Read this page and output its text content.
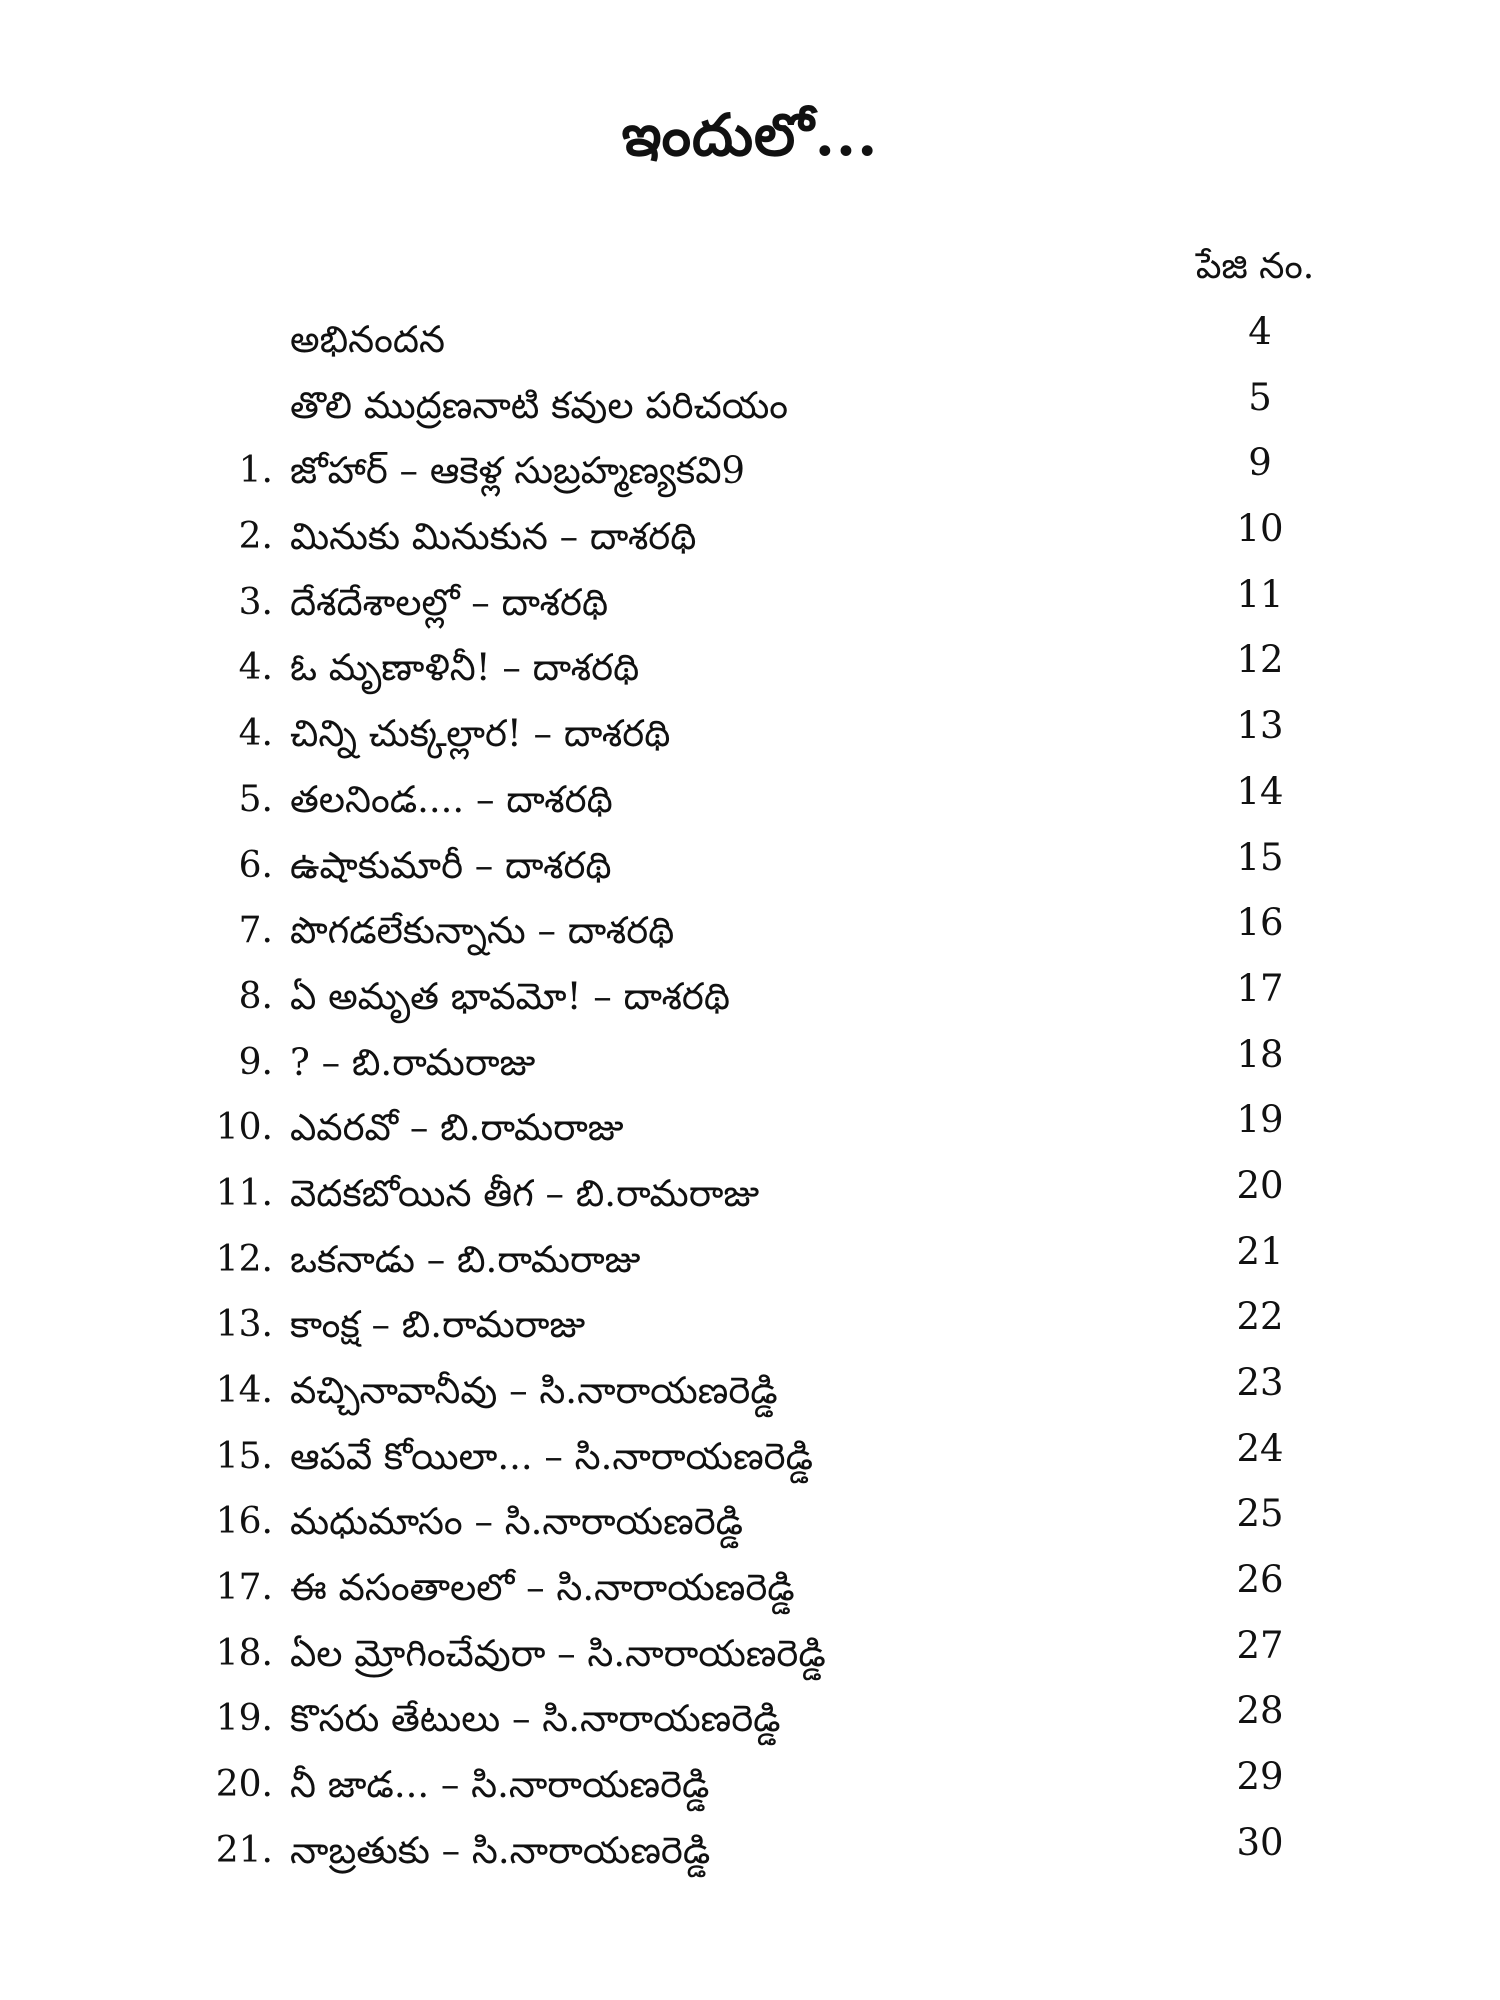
ఇందులో...
పేజి నం.
అభినందన	4
తొలి ముద్రణనాటి కవుల పరిచయం	5
1. జోహార్ – ఆకెళ్ల సుబ్రహ్మణ్యకవి9	9
2. మినుకు మినుకున – దాశరథి	10
3. దేశదేశాలల్లో – దాశరథి	11
4. ఓ మృణాళినీ! – దాశరథి	12
4. చిన్ని చుక్కల్లార! – దాశరథి	13
5. తలనిండ.... – దాశరథి	14
6. ఉషాకుమారీ – దాశరథి	15
7. పొగడలేకున్నాను – దాశరథి	16
8. ఏ అమృత భావమో! – దాశరథి	17
9. ? – బి.రామరాజు	18
10. ఎవరవో – బి.రామరాజు	19
11. వెదకబోయిన తీగ – బి.రామరాజు	20
12. ఒకనాడు – బి.రామరాజు	21
13. కాంక్ష – బి.రామరాజు	22
14. వచ్చినావానీవు – సి.నారాయణరెడ్డి	23
15. ఆపవే కోయిలా... – సి.నారాయణరెడ్డి	24
16. మధుమాసం – సి.నారాయణరెడ్డి	25
17. ఈ వసంతాలలో – సి.నారాయణరెడ్డి	26
18. ఏల మ్రోగించేవురా – సి.నారాయణరెడ్డి	27
19. కొసరు తేటులు – సి.నారాయణరెడ్డి	28
20. నీ జాడ... – సి.నారాయణరెడ్డి	29
21. నాబ్రతుకు – సి.నారాయణరెడ్డి	30
